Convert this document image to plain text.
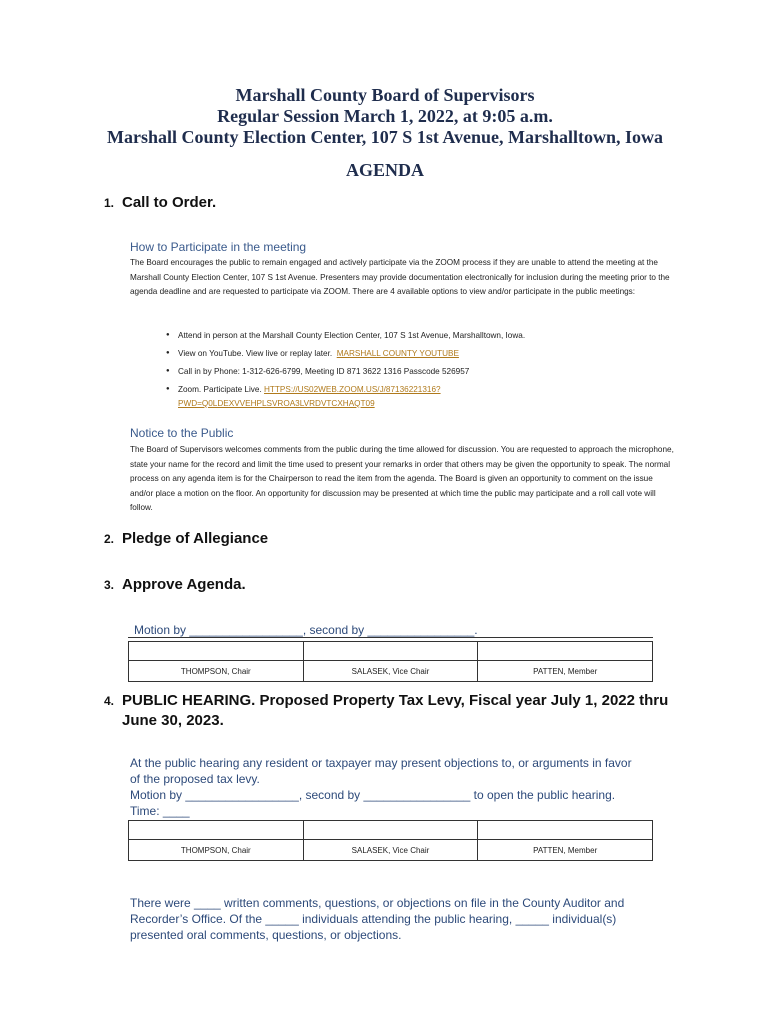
Marshall County Board of Supervisors
Regular Session March 1, 2022, at 9:05 a.m.
Marshall County Election Center, 107 S 1st Avenue, Marshalltown, Iowa
AGENDA
1. Call to Order.
How to Participate in the meeting
The Board encourages the public to remain engaged and actively participate via the ZOOM process if they are unable to attend the meeting at the Marshall County Election Center, 107 S 1st Avenue. Presenters may provide documentation electronically for inclusion during the meeting prior to the agenda deadline and are requested to participate via ZOOM. There are 4 available options to view and/or participate in the public meetings:
● Attend in person at the Marshall County Election Center, 107 S 1st Avenue, Marshalltown, Iowa.
● View on YouTube. View live or replay later. MARSHALL COUNTY YOUTUBE
● Call in by Phone: 1-312-626-6799, Meeting ID 871 3622 1316 Passcode 526957
● Zoom. Participate Live. HTTPS://US02WEB.ZOOM.US/J/87136221316?
PWD=Q0LDEXVVEHPLSVROA3LVRDVTCXHAQT09
Notice to the Public
The Board of Supervisors welcomes comments from the public during the time allowed for discussion. You are requested to approach the microphone, state your name for the record and limit the time used to present your remarks in order that others may be given the opportunity to speak. The normal process on any agenda item is for the Chairperson to read the item from the agenda. The Board is given an opportunity to comment on the issue and/or place a motion on the floor. An opportunity for discussion may be presented at which time the public may participate and a roll call vote will follow.
2. Pledge of Allegiance
3. Approve Agenda.
Motion by _________________, second by ________________.

THOMPSON, Chair	SALASEK, Vice Chair	PATTEN, Member
4. PUBLIC HEARING. Proposed Property Tax Levy, Fiscal year July 1, 2022 thru
June 30, 2023.
At the public hearing any resident or taxpayer may present objections to, or arguments in favor
of the proposed tax levy.
Motion by _________________, second by ________________ to open the public hearing.
Time: ____

THOMPSON, Chair	SALASEK, Vice Chair	PATTEN, Member
There were ____ written comments, questions, or objections on file in the County Auditor and
Recorder’s Office. Of the _____ individuals attending the public hearing, _____ individual(s)
presented oral comments, questions, or objections.
